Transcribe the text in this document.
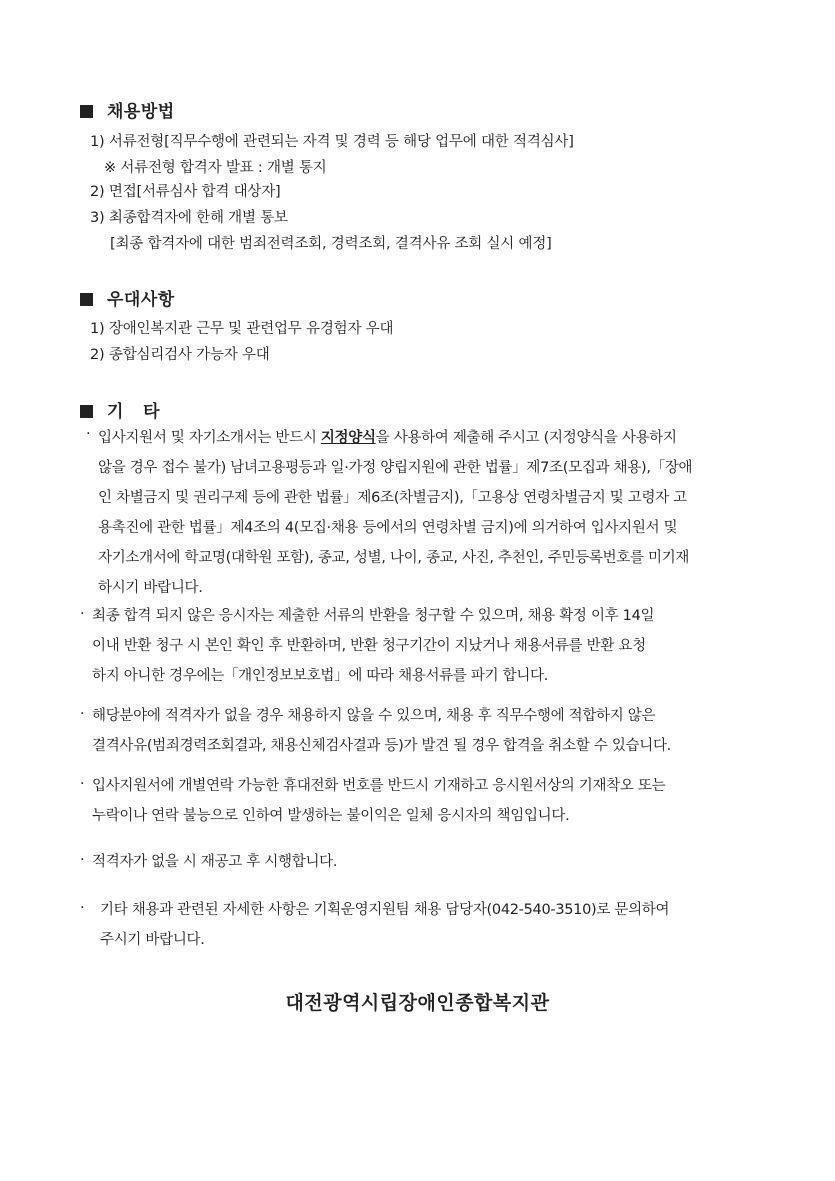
채용방법
1) 서류전형[직무수행에 관련되는 자격 및 경력 등 해당 업무에 대한 적격심사]
※ 서류전형 합격자 발표 : 개별 통지
2) 면접[서류심사 합격 대상자]
3) 최종합격자에 한해 개별 통보
[최종 합격자에 대한 범죄전력조회, 경력조회, 결격사유 조회 실시 예정]
우대사항
1) 장애인복지관 근무 및 관련업무 유경험자 우대
2) 종합심리검사 가능자 우대
기   타
· 입사지원서 및 자기소개서는 반드시 지정양식을 사용하여 제출해 주시고 (지정양식을 사용하지
않을 경우 접수 불가) 남녀고용평등과 일·가정 양립지원에 관한 법률」제7조(모집과 채용),「장애
인 차별금지 및 권리구제 등에 관한 법률」제6조(차별금지),「고용상 연령차별금지 및 고령자 고
용촉진에 관한 법률」제4조의 4(모집·채용 등에서의 연령차별 금지)에 의거하여 입사지원서 및
자기소개서에 학교명(대학원 포함), 종교, 성별, 나이, 종교, 사진, 추천인, 주민등록번호를 미기재
하시기 바랍니다.
· 최종 합격 되지 않은 응시자는 제출한 서류의 반환을 청구할 수 있으며, 채용 확정 이후 14일
이내 반환 청구 시 본인 확인 후 반환하며, 반환 청구기간이 지났거나 채용서류를 반환 요청
하지 아니한 경우에는「개인정보보호법」에 따라 채용서류를 파기 합니다.
· 해당분야에 적격자가 없을 경우 채용하지 않을 수 있으며, 채용 후 직무수행에 적합하지 않은
결격사유(범죄경력조회결과, 채용신체검사결과 등)가 발견 될 경우 합격을 취소할 수 있습니다.
· 입사지원서에 개별연락 가능한 휴대전화 번호를 반드시 기재하고 응시원서상의 기재착오 또는
누락이나 연락 불능으로 인하여 발생하는 불이익은 일체 응시자의 책임입니다.
· 적격자가 없을 시 재공고 후 시행합니다.
· 기타 채용과 관련된 자세한 사항은 기획운영지원팀 채용 담당자(042-540-3510)로 문의하여
주시기 바랍니다.
대전광역시립장애인종합복지관
